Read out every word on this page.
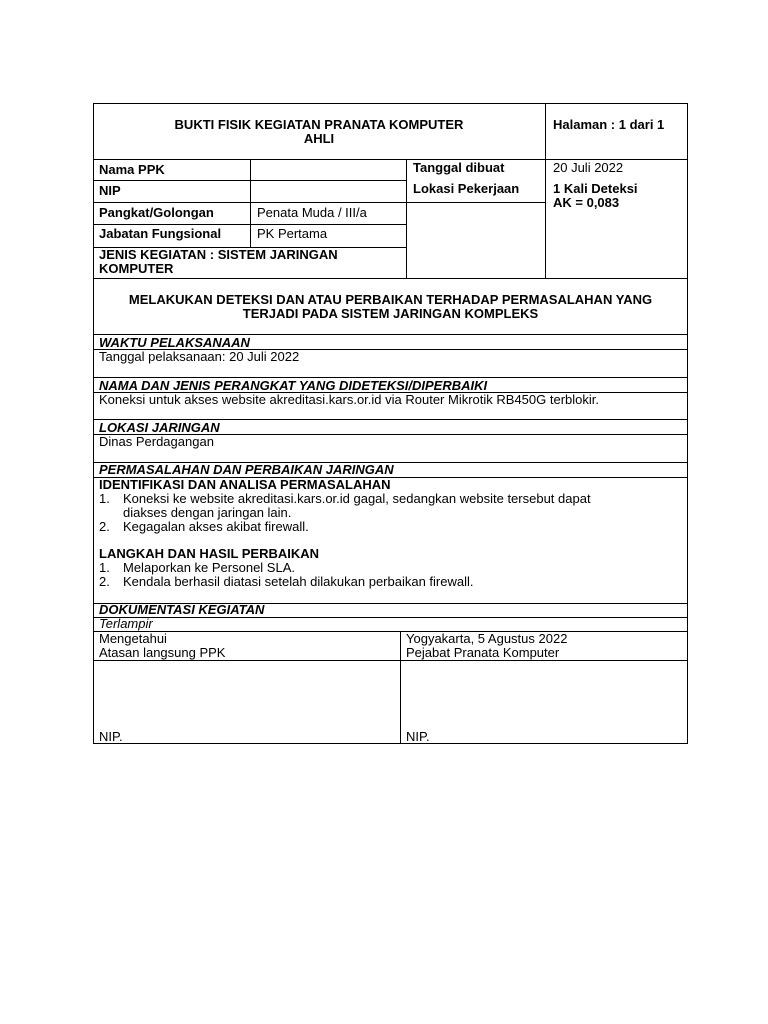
BUKTI FISIK KEGIATAN PRANATA KOMPUTER
AHLI
Halaman : 1 dari 1
Nama PPK
NIP
Pangkat/Golongan	Penata Muda / III/a
Jabatan Fungsional	PK Pertama
JENIS KEGIATAN : SISTEM JARINGAN
KOMPUTER
Tanggal dibuat	20 Juli 2022
Lokasi Pekerjaan	1 Kali Deteksi
AK = 0,083
MELAKUKAN DETEKSI DAN ATAU PERBAIKAN TERHADAP PERMASALAHAN YANG
TERJADI PADA SISTEM JARINGAN KOMPLEKS
WAKTU PELAKSANAAN
Tanggal pelaksanaan: 20 Juli 2022
NAMA DAN JENIS PERANGKAT YANG DIDETEKSI/DIPERBAIKI
Koneksi untuk akses website akreditasi.kars.or.id via Router Mikrotik RB450G terblokir.
LOKASI JARINGAN
Dinas Perdagangan
PERMASALAHAN DAN PERBAIKAN JARINGAN
IDENTIFIKASI DAN ANALISA PERMASALAHAN
1. Koneksi ke website akreditasi.kars.or.id gagal, sedangkan website tersebut dapat
diakses dengan jaringan lain.
2. Kegagalan akses akibat firewall.
LANGKAH DAN HASIL PERBAIKAN
1. Melaporkan ke Personel SLA.
2. Kendala berhasil diatasi setelah dilakukan perbaikan firewall.
DOKUMENTASI KEGIATAN
Terlampir
Mengetahui
Atasan langsung PPK
Yogyakarta, 5 Agustus 2022
Pejabat Pranata Komputer
NIP.	NIP.
